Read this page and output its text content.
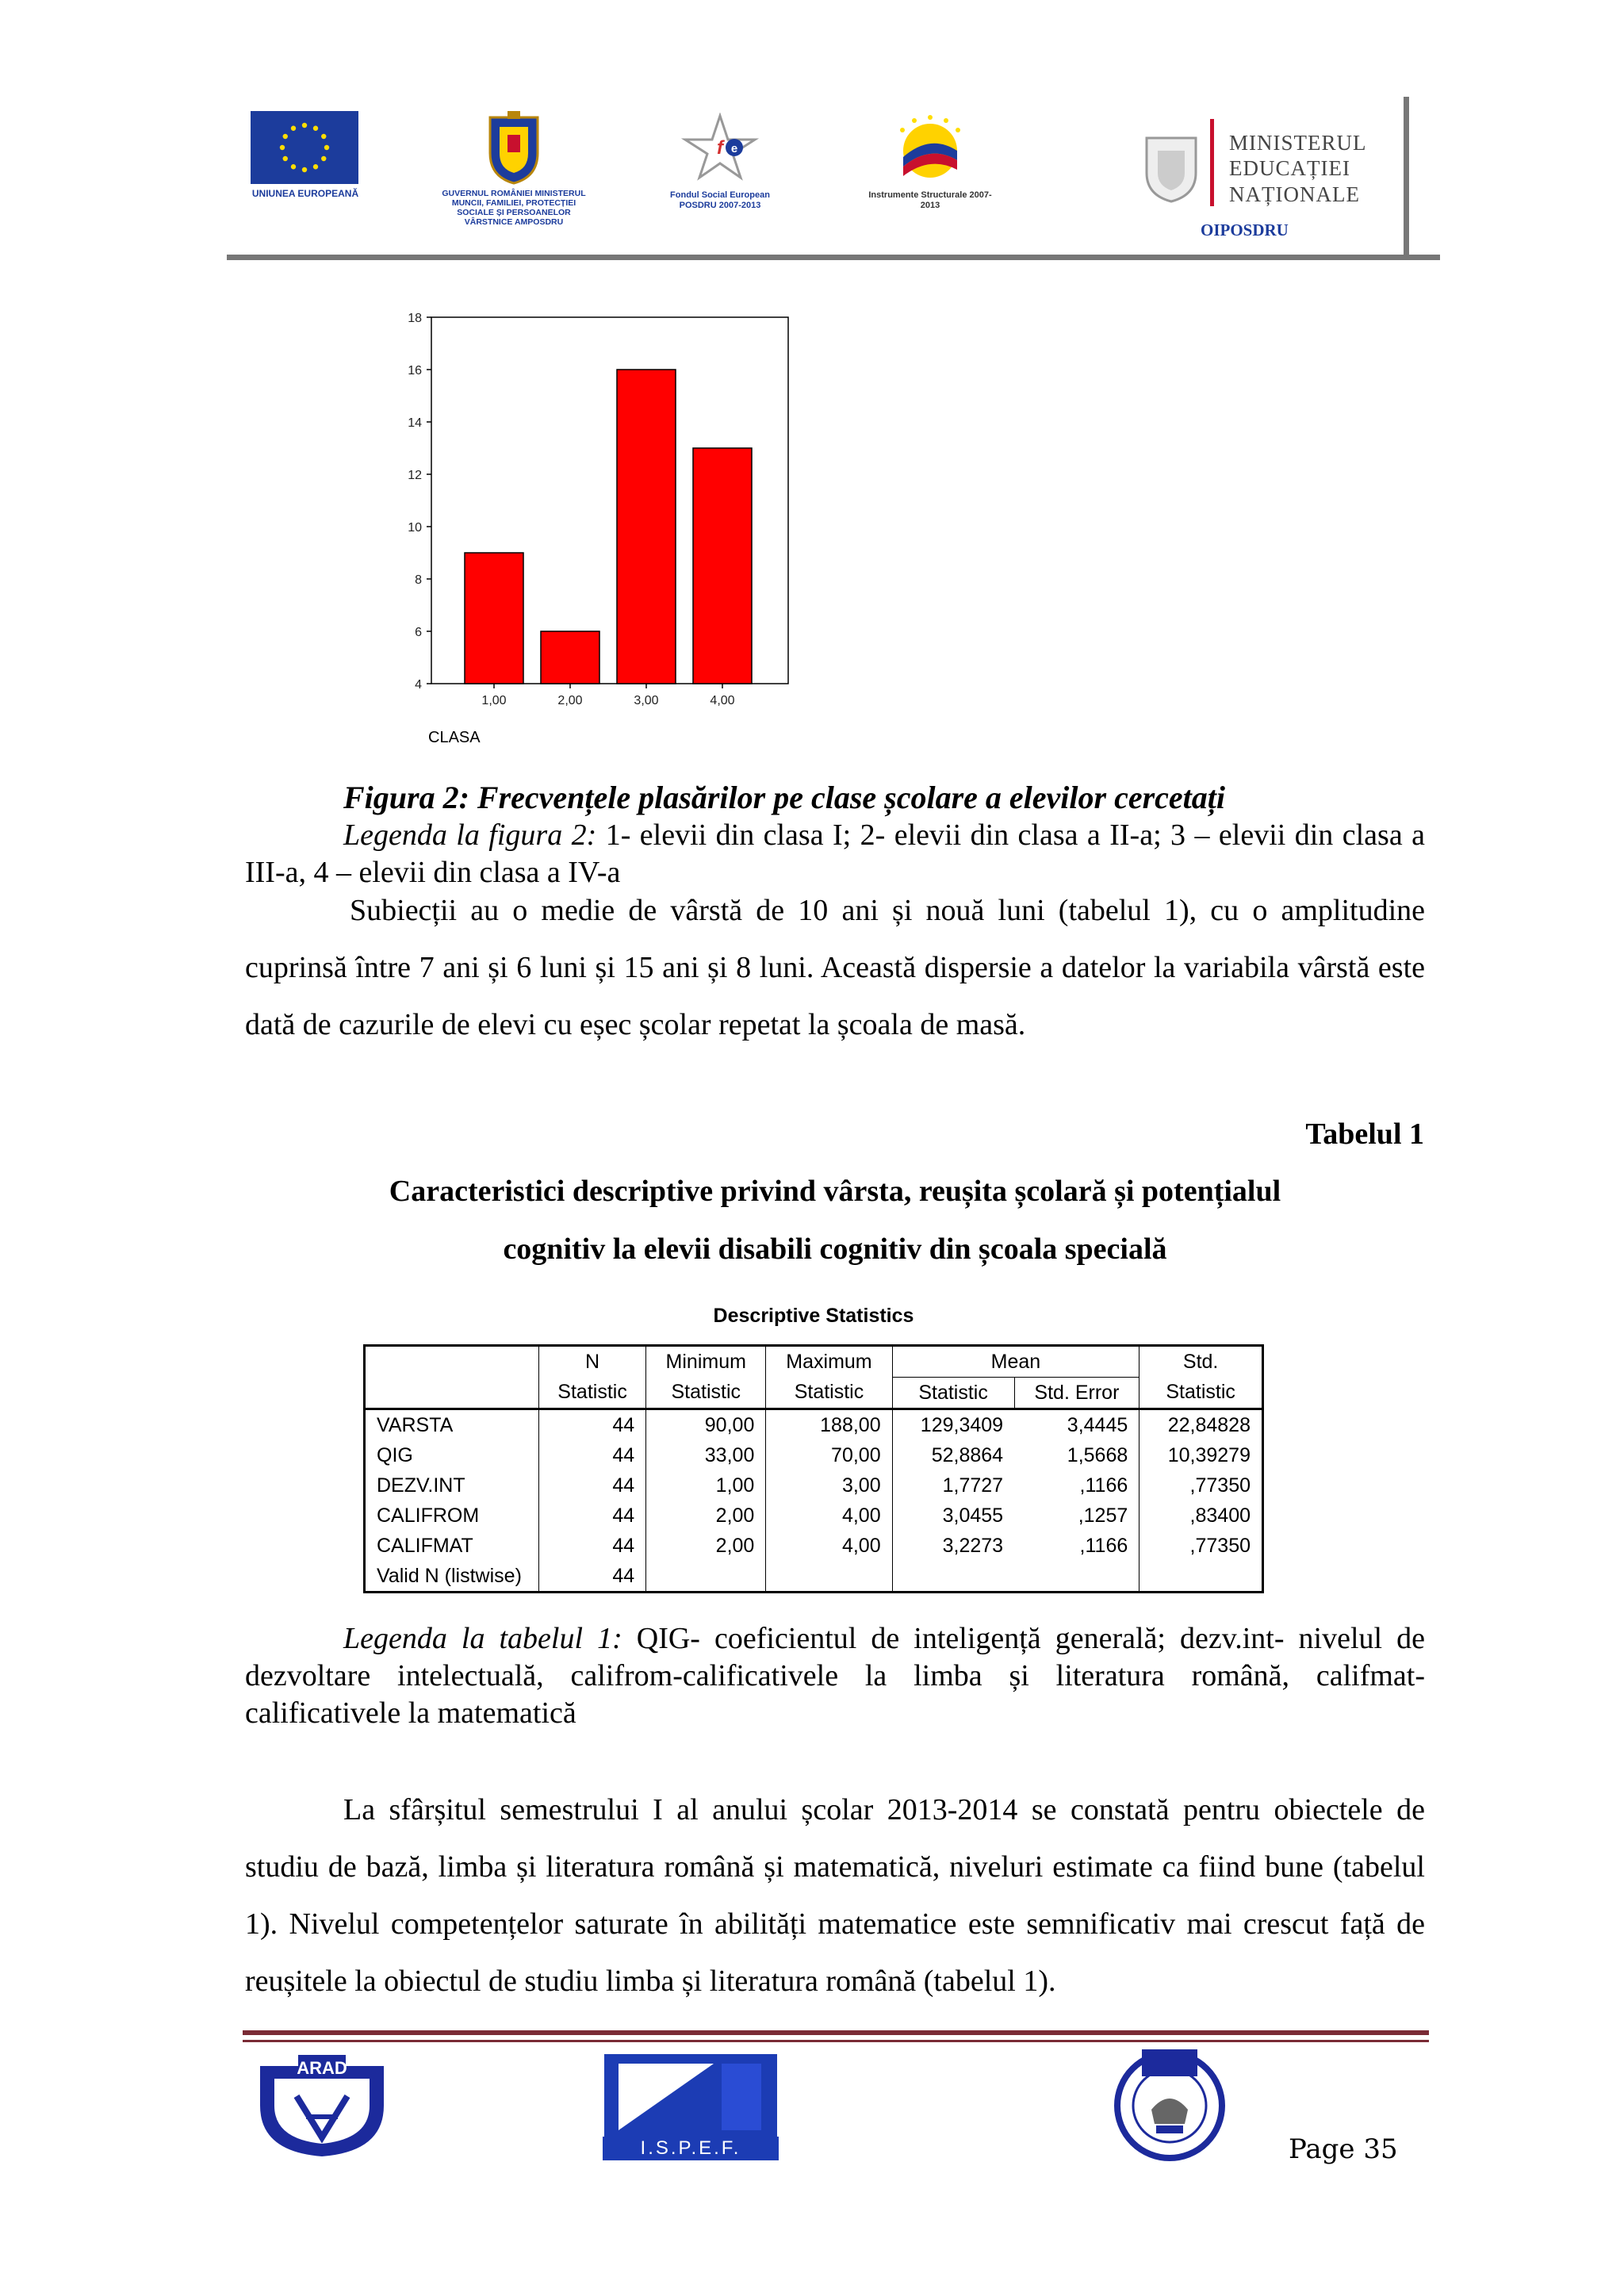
UNIUNEA EUROPEANĂ	GUVERNUL ROMÂNIEI MINISTERUL MUNCII, FAMILIEI, PROTECȚIEI SOCIALE ȘI PERSOANELOR VÂRSTNICE AMPOSDRU
f e
Fondul Social European POSDRU 2007-2013
Instrumente Structurale 2007-2013
MINISTERUL
EDUCAȚIEI
NAȚIONALE
OIPOSDRU
18
16
14
12
10
8
6
4
1,00	2,00	3,00	4,00
CLASA
Figura 2: Frecvențele plasărilor pe clase școlare a elevilor cercetați
Legenda la figura 2: 1- elevii din clasa I; 2- elevii din clasa a II-a; 3 – elevii din clasa a III-a, 4 – elevii din clasa a IV-a
Subiecții au o medie de vârstă de 10 ani și nouă luni (tabelul 1), cu o amplitudine cuprinsă între 7 ani și 6 luni și 15 ani și 8 luni. Această dispersie a datelor la variabila vârstă este dată de cazurile de elevi cu eșec școlar repetat la școala de masă.
Tabelul 1
Caracteristici descriptive privind vârsta, reușita școlară și potențialul
cognitiv la elevii disabili cognitiv din școala specială
Descriptive Statistics
	N	Minimum	Maximum	Mean		Std.
	Statistic	Statistic	Statistic	Statistic	Std. Error	Statistic
VARSTA	44	90,00	188,00	129,3409	3,4445	22,84828
QIG	44	33,00	70,00	52,8864	1,5668	10,39279
DEZV.INT	44	1,00	3,00	1,7727	,1166	,77350
CALIFROM	44	2,00	4,00	3,0455	,1257	,83400
CALIFMAT	44	2,00	4,00	3,2273	,1166	,77350
Valid N (listwise)	44					
Legenda la tabelul 1: QIG- coeficientul de inteligență generală; dezv.int- nivelul de dezvoltare intelectuală, califrom-calificativele la limba și literatura română, califmat-calificativele la matematică
La sfârșitul semestrului I al anului școlar 2013-2014 se constată pentru obiectele de studiu de bază, limba și literatura română și matematică, niveluri estimate ca fiind bune (tabelul 1). Nivelul competențelor saturate în abilități matematice este semnificativ mai crescut față de reușitele la obiectul de studiu limba și literatura română (tabelul 1).
ARAD
I.S.P.E.F.	Page 35
